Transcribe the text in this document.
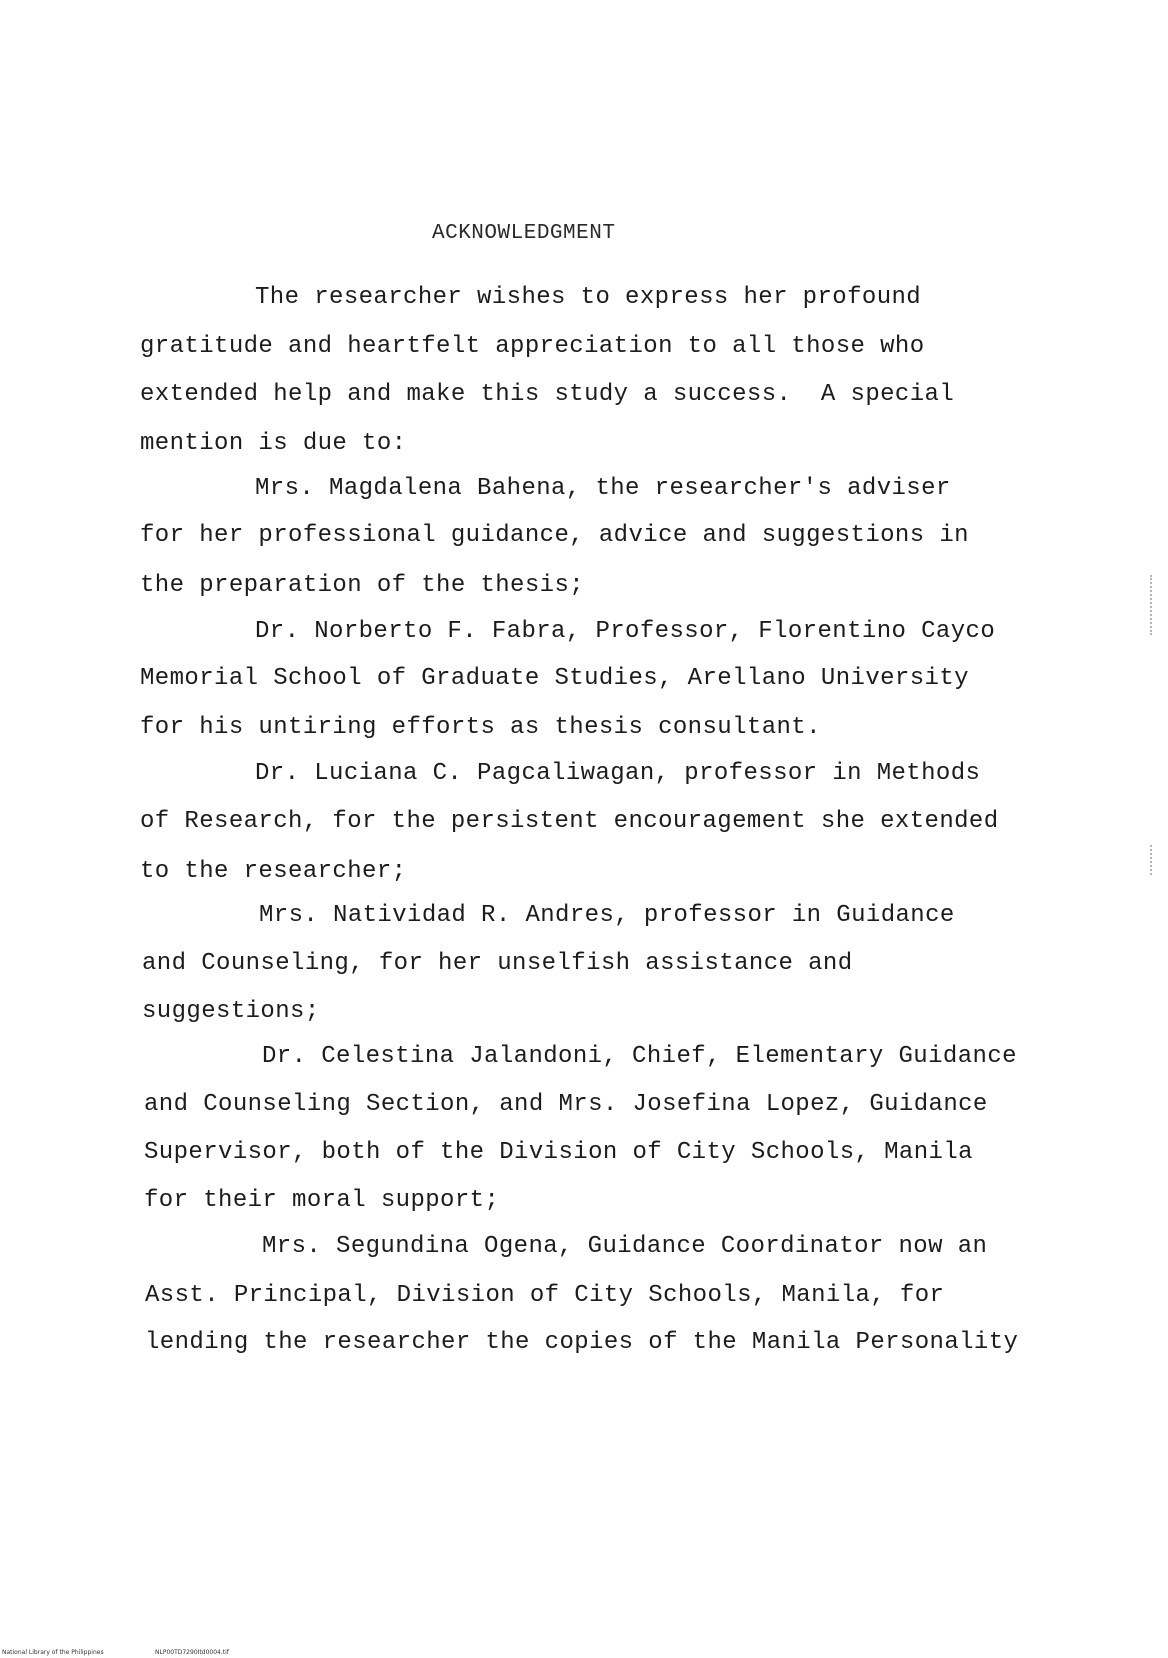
ACKNOWLEDGMENT
The researcher wishes to express her profound
gratitude and heartfelt appreciation to all those who
extended help and make this study a success.  A special
mention is due to:
Mrs. Magdalena Bahena, the researcher's adviser
for her professional guidance, advice and suggestions in
the preparation of the thesis;
Dr. Norberto F. Fabra, Professor, Florentino Cayco
Memorial School of Graduate Studies, Arellano University
for his untiring efforts as thesis consultant.
Dr. Luciana C. Pagcaliwagan, professor in Methods
of Research, for the persistent encouragement she extended
to the researcher;
Mrs. Natividad R. Andres, professor in Guidance
and Counseling, for her unselfish assistance and
suggestions;
Dr. Celestina Jalandoni, Chief, Elementary Guidance
and Counseling Section, and Mrs. Josefina Lopez, Guidance
Supervisor, both of the Division of City Schools, Manila
for their moral support;
Mrs. Segundina Ogena, Guidance Coordinator now an
Asst. Principal, Division of City Schools, Manila, for
lending the researcher the copies of the Manila Personality
National Library of the Philippines	NLP00TD7290Itd0004.tif
